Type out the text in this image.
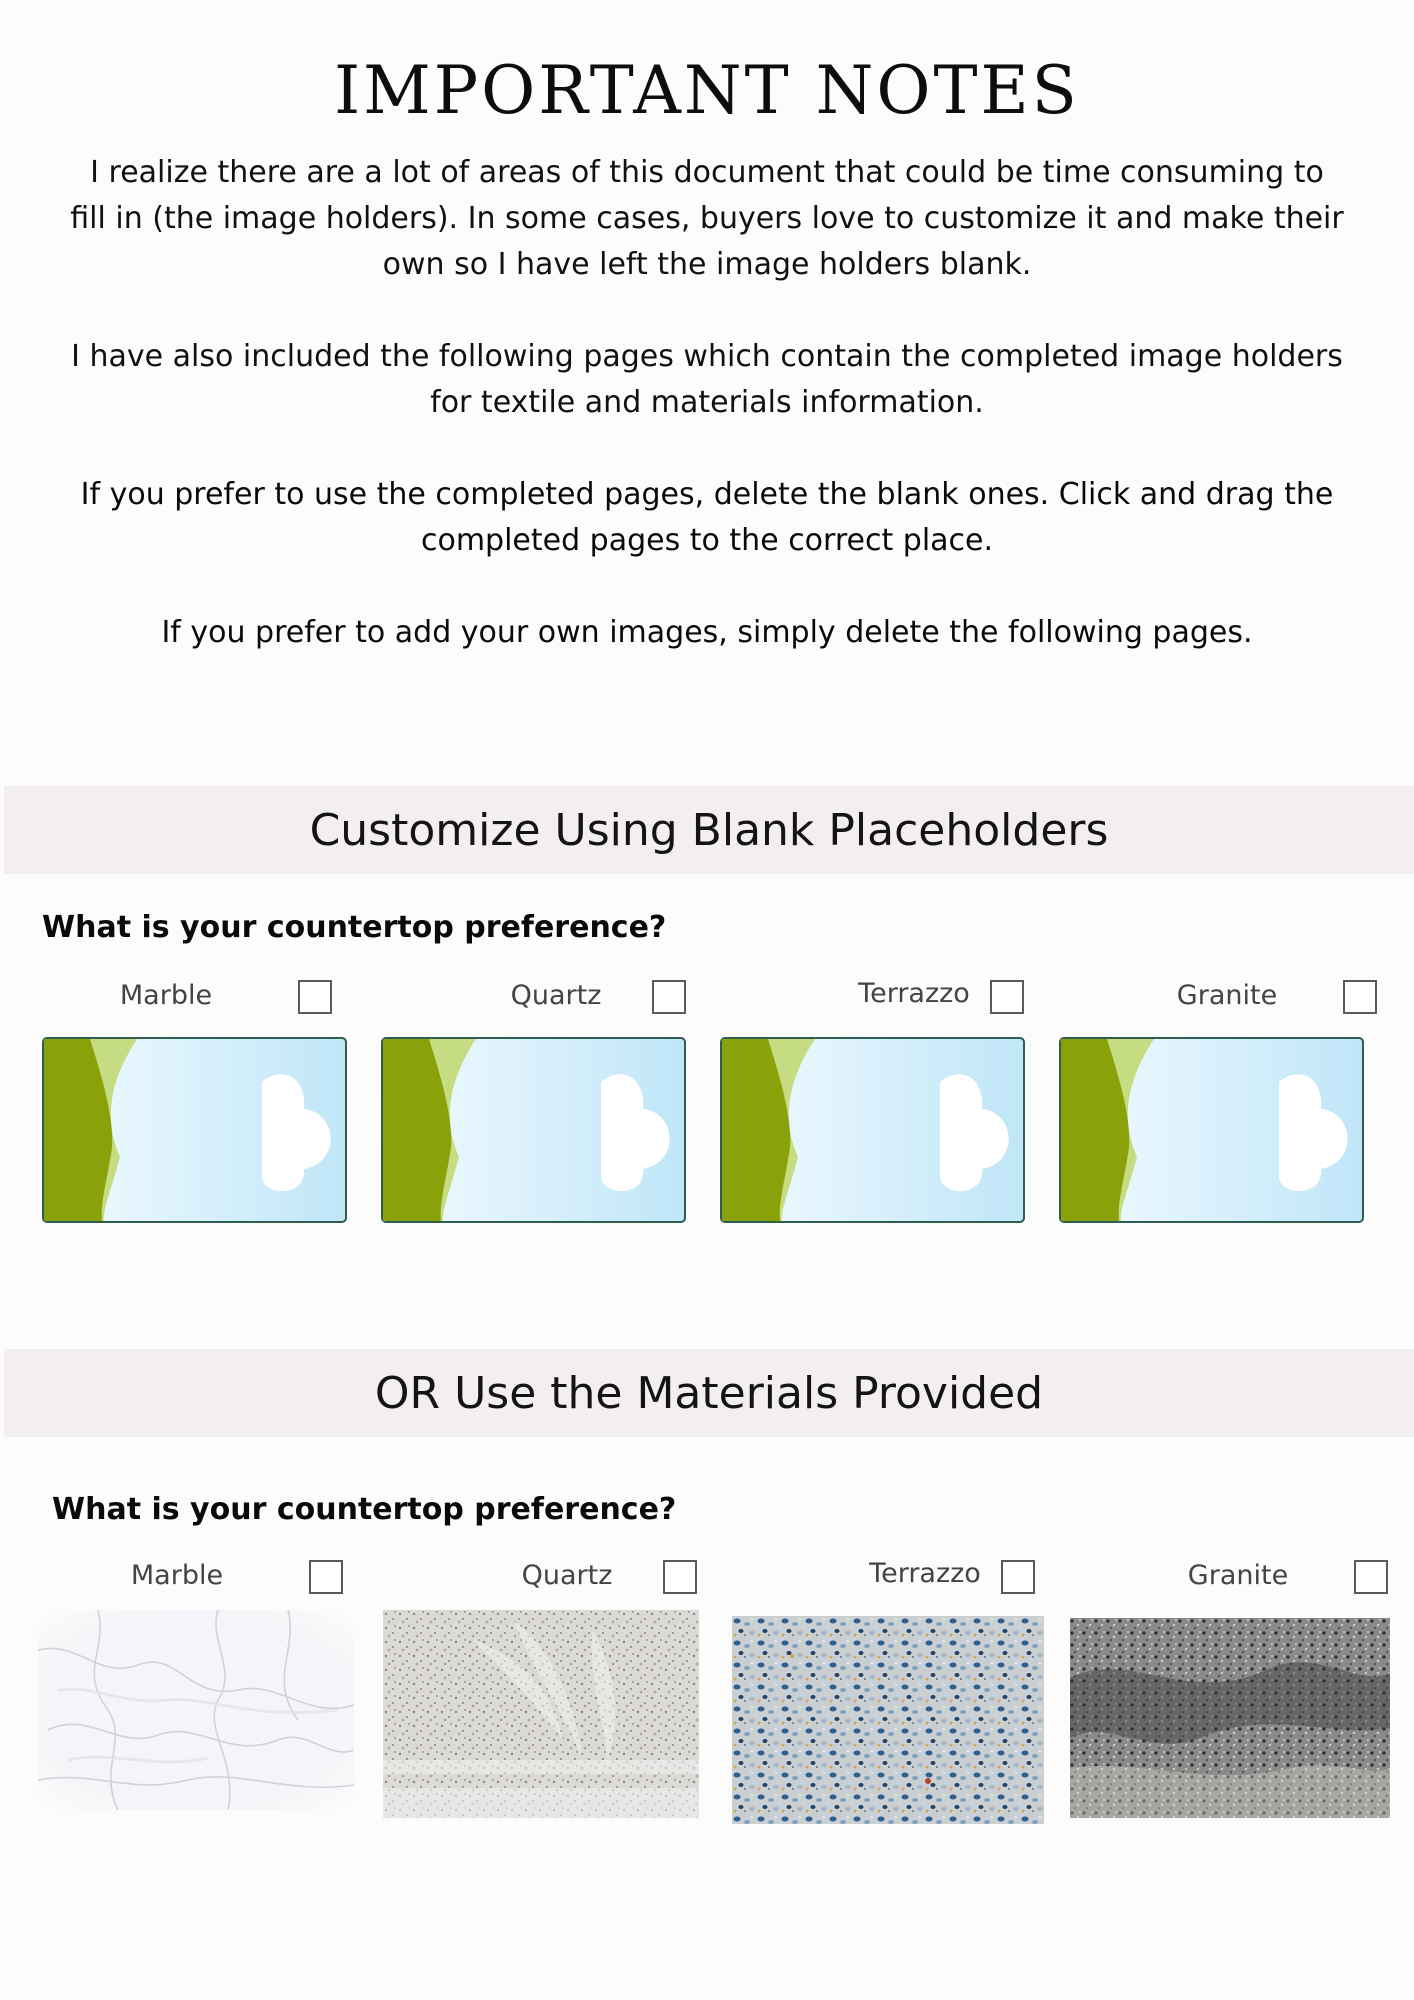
IMPORTANT NOTES

I realize there are a lot of areas of this document that could be time consuming to fill in (the image holders). In some cases, buyers love to customize it and make their own so I have left the image holders blank.

I have also included the following pages which contain the completed image holders for textile and materials information.

If you prefer to use the completed pages, delete the blank ones. Click and drag the completed pages to the correct place.

If you prefer to add your own images, simply delete the following pages.

Customize Using Blank Placeholders
What is your countertop preference?
Marble	Quartz	Terrazzo	Granite
OR Use the Materials Provided
What is your countertop preference?
Marble	Quartz	Terrazzo	Granite
